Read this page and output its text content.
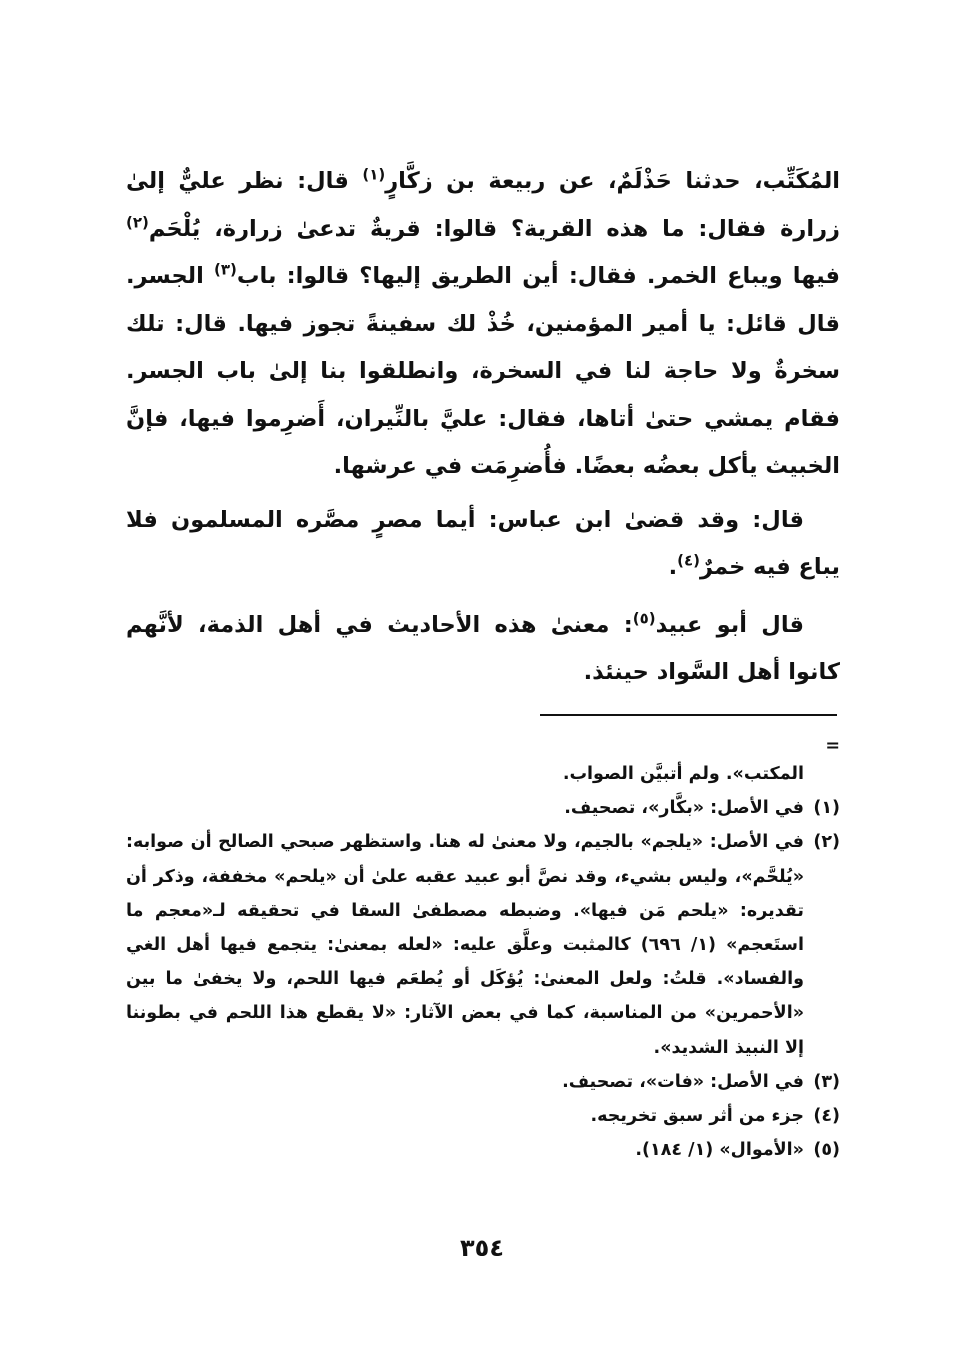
المُكَتِّب، حدثنا حَذْلَمٌ، عن ربيعة بن زكَّارٍ$^{(١)}$ قال: نظر عليٌّ إلىٰ زرارة فقال: ما هذه القرية؟ قالوا: قريةٌ تدعىٰ زرارة، يُلْحَم$^{(٢)}$ فيها ويباع الخمر. فقال: أين الطريق إليها؟ قالوا: باب$^{(٣)}$ الجسر. قال قائل: يا أمير المؤمنين، خُذْ لك سفينةً تجوز فيها. قال: تلك سخرةٌ ولا حاجة لنا في السخرة، وانطلقوا بنا إلىٰ باب الجسر. فقام يمشي حتىٰ أتاها، فقال: عليَّ بالنِّيران، أَضرِموا فيها، فإنَّ الخبيث يأكل بعضُه بعضًا. فأُضرِمَت في عرشها.

قال: وقد قضىٰ ابن عباس: أيما مصرٍ مصَّره المسلمون فلا يباع فيه خمرٌ$^{(٤)}$.

قال أبو عبيد$^{(٥)}$: معنىٰ هذه الأحاديث في أهل الذمة، لأنَّهم كانوا أهل السَّواد حينئذ.

=

المكتب». ولم أتبيَّن الصواب.

(١)
في الأصل: «بكَّار»، تصحيف.
(٢)
في الأصل: «يلجم» بالجيم، ولا معنىٰ له هنا. واستظهر صبحي الصالح أن صوابه: «يُلحَّم»، وليس بشيء، وقد نصَّ أبو عبيد عقبه علىٰ أن «يلحم» مخففة، وذكر أن تقديره: «يلحم مَن فيها». وضبطه مصطفىٰ السقا في تحقيقه لـ«معجم ما استَعجم» (١/ ٦٩٦) كالمثبت وعلَّق عليه: «لعله بمعنىٰ: يتجمع فيها أهل الغي والفساد». قلتُ: ولعل المعنىٰ: يُؤكَل أو يُطعَم فيها اللحم، ولا يخفىٰ ما بين «الأحمرين» من المناسبة، كما في بعض الآثار: «لا يقطع هذا اللحم في بطوننا إلا النبيذ الشديد».
(٣)
في الأصل: «فات»، تصحيف.
(٤)
جزء من أثر سبق تخريجه.
(٥)
«الأموال» (١/ ١٨٤).
٣٥٤
